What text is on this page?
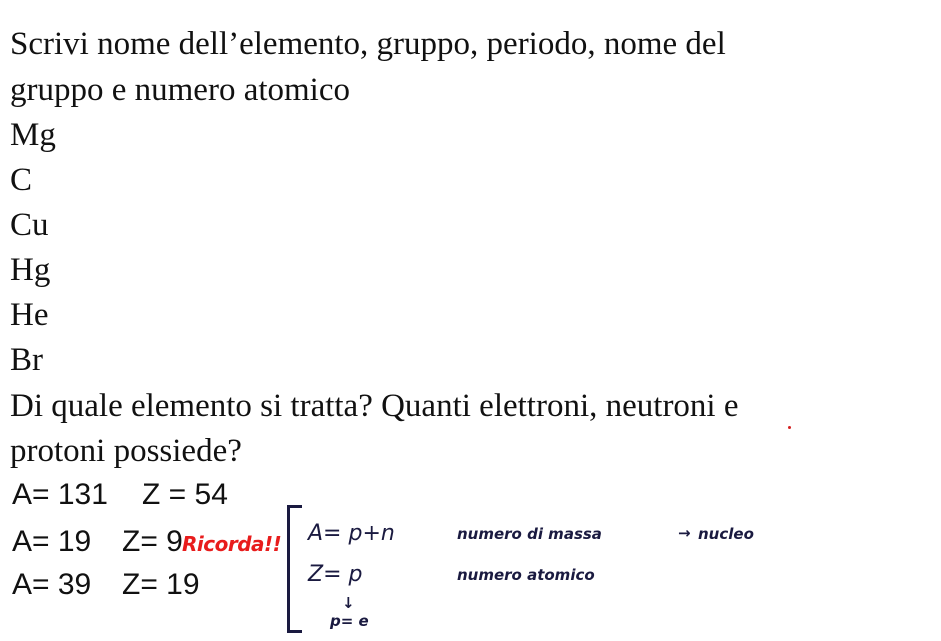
Scrivi nome dell’elemento, gruppo, periodo, nome del
gruppo e numero atomico
Mg
C
Cu
Hg
He
Br
Di quale elemento si tratta? Quanti elettroni, neutroni e
protoni possiede?
A= 131 Z = 54
A= 19 Z= 9
A= 39 Z= 19
Ricorda!! A= p+n	numero di massa	→ nucleo
Z= p	numero atomico
↓
p= e
